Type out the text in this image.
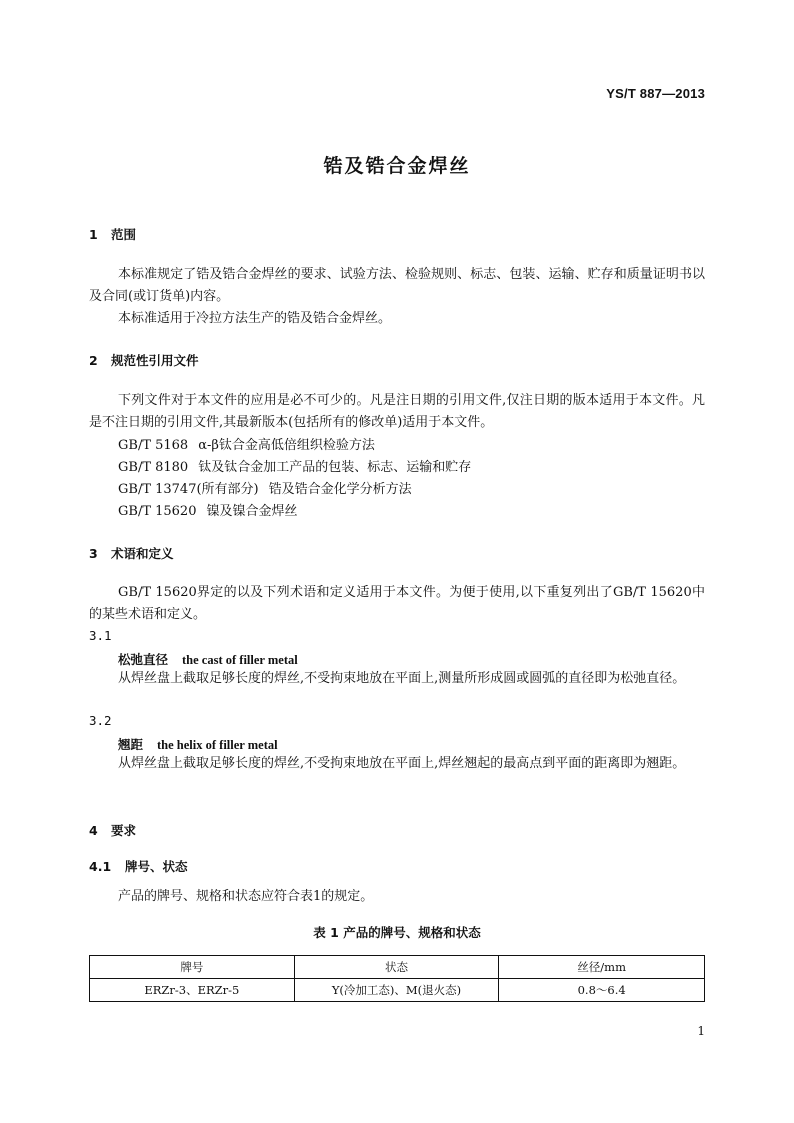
YS/T 887—2013
锆及锆合金焊丝
1 范围
本标准规定了锆及锆合金焊丝的要求、试验方法、检验规则、标志、包装、运输、贮存和质量证明书以及合同(或订货单)内容。
本标准适用于冷拉方法生产的锆及锆合金焊丝。
2 规范性引用文件
下列文件对于本文件的应用是必不可少的。凡是注日期的引用文件,仅注日期的版本适用于本文件。凡是不注日期的引用文件,其最新版本(包括所有的修改单)适用于本文件。
GB/T 5168 α-β钛合金高低倍组织检验方法
GB/T 8180 钛及钛合金加工产品的包装、标志、运输和贮存
GB/T 13747(所有部分) 锆及锆合金化学分析方法
GB/T 15620 镍及镍合金焊丝
3 术语和定义
GB/T 15620界定的以及下列术语和定义适用于本文件。为便于使用,以下重复列出了GB/T 15620中的某些术语和定义。
3.1
松弛直径 the cast of filler metal
从焊丝盘上截取足够长度的焊丝,不受拘束地放在平面上,测量所形成圆或圆弧的直径即为松弛直径。
3.2
翘距 the helix of filler metal
从焊丝盘上截取足够长度的焊丝,不受拘束地放在平面上,焊丝翘起的最高点到平面的距离即为翘距。
4 要求
4.1 牌号、状态
产品的牌号、规格和状态应符合表1的规定。
表 1 产品的牌号、规格和状态
牌号	状态	丝径/mm
ERZr-3、ERZr-5	Y(冷加工态)、M(退火态)	0.8～6.4
1
